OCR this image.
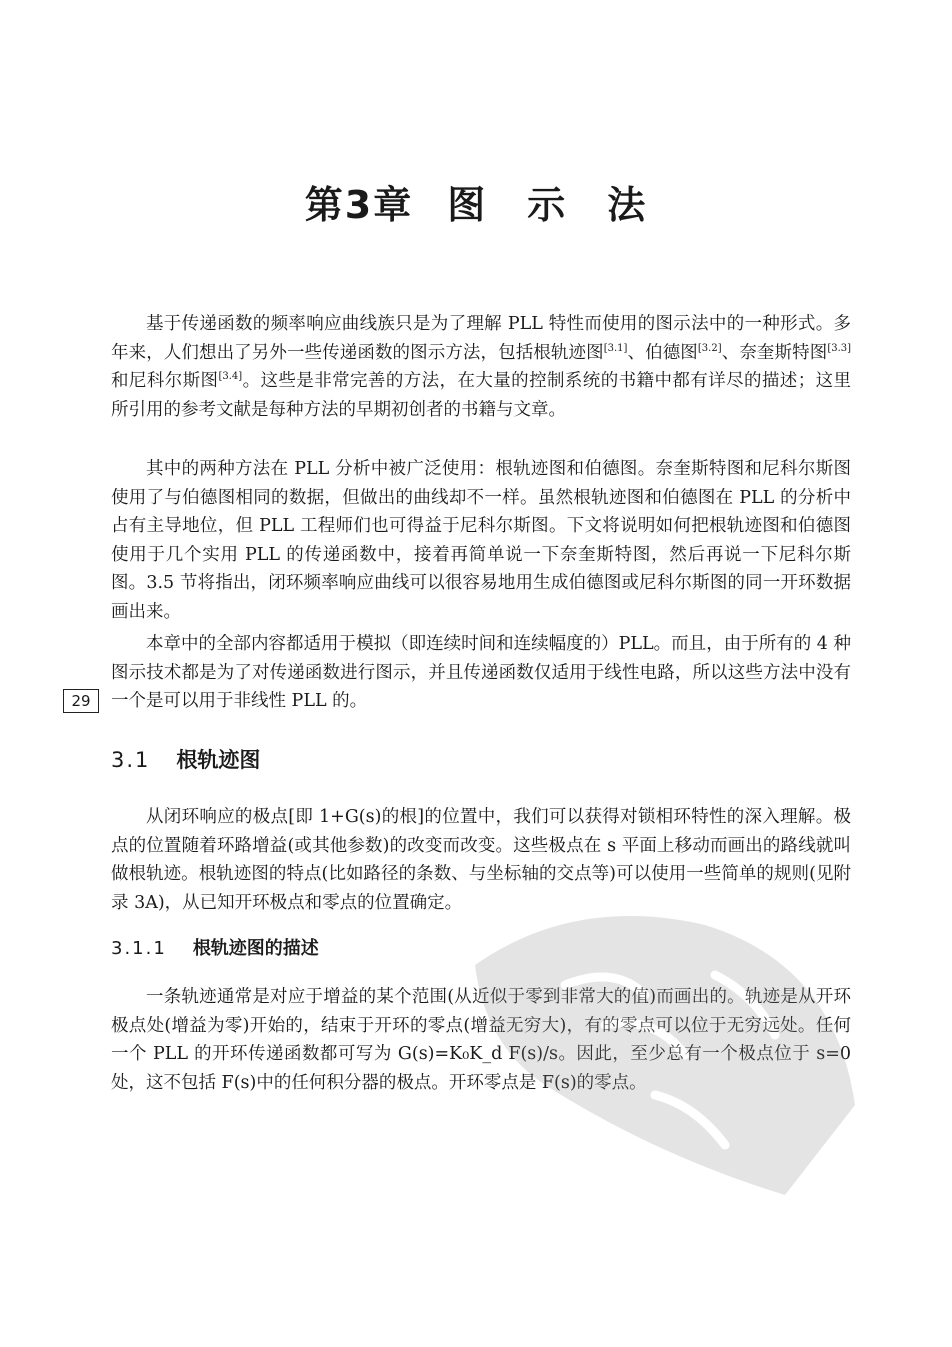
第3章 图　示　法

基于传递函数的频率响应曲线族只是为了理解 PLL 特性而使用的图示法中的一种形式。多年来，人们想出了另外一些传递函数的图示方法，包括根轨迹图[3.1]、伯德图[3.2]、奈奎斯特图[3.3]和尼科尔斯图[3.4]。这些是非常完善的方法，在大量的控制系统的书籍中都有详尽的描述；这里所引用的参考文献是每种方法的早期初创者的书籍与文章。

其中的两种方法在 PLL 分析中被广泛使用：根轨迹图和伯德图。奈奎斯特图和尼科尔斯图使用了与伯德图相同的数据，但做出的曲线却不一样。虽然根轨迹图和伯德图在 PLL 的分析中占有主导地位，但 PLL 工程师们也可得益于尼科尔斯图。下文将说明如何把根轨迹图和伯德图使用于几个实用 PLL 的传递函数中，接着再简单说一下奈奎斯特图，然后再说一下尼科尔斯图。3.5 节将指出，闭环频率响应曲线可以很容易地用生成伯德图或尼科尔斯图的同一开环数据画出来。

本章中的全部内容都适用于模拟（即连续时间和连续幅度的）PLL。而且，由于所有的 4 种图示技术都是为了对传递函数进行图示，并且传递函数仅适用于线性电路，所以这些方法中没有一个是可以用于非线性 PLL 的。

29
3.1 根轨迹图

从闭环响应的极点[即 1+G(s)的根]的位置中，我们可以获得对锁相环特性的深入理解。极点的位置随着环路增益(或其他参数)的改变而改变。这些极点在 s 平面上移动而画出的路线就叫做根轨迹。根轨迹图的特点(比如路径的条数、与坐标轴的交点等)可以使用一些简单的规则(见附录 3A)，从已知开环极点和零点的位置确定。

3.1.1 根轨迹图的描述

一条轨迹通常是对应于增益的某个范围(从近似于零到非常大的值)而画出的。轨迹是从开环极点处(增益为零)开始的，结束于开环的零点(增益无穷大)，有的零点可以位于无穷远处。任何一个 PLL 的开环传递函数都可写为 G(s)=K₀K_d F(s)/s。因此，至少总有一个极点位于 s=0 处，这不包括 F(s)中的任何积分器的极点。开环零点是 F(s)的零点。
